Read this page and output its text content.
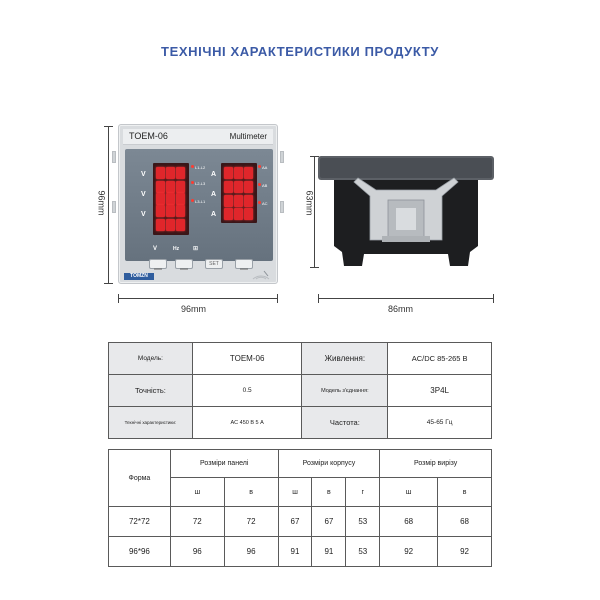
ТЕХНІЧНІ ХАРАКТЕРИСТИКИ ПРОДУКТУ
TOEM-06	Multimeter
V
V
V
A
A
A
L1-L2
L2-L3
L3-L1
AA
AB
AC
V	Hz ⊞
SET
TOMZN
96mm
96mm
63mm
86mm
Модель:	TOEM-06	Живлення:	AC/DC 85-265 В
Точність:	0.5	Модель з'єднання:	3P4L
Технічні характеристики:	AC 450 В 5 А	Частота:	45-65 Гц
Форма	Розміри панелі		Розміри корпусу			Розмір вирізу	
	ш	в	ш	в	г	ш	в
72*72	72	72	67	67	53	68	68
96*96	96	96	91	91	53	92	92
